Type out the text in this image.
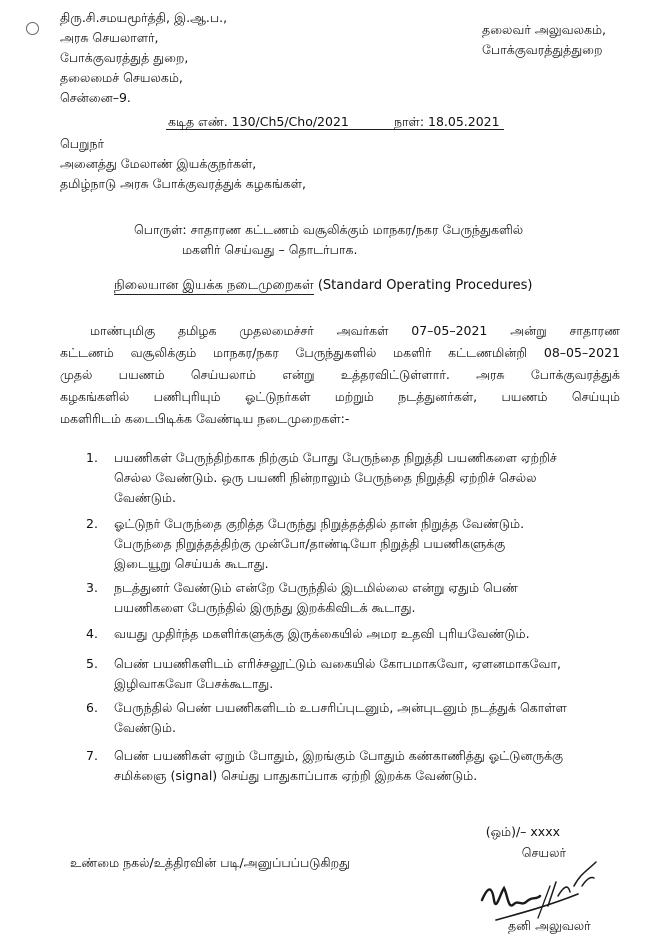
திரு.சி.சமயமூர்த்தி, இ.ஆ.ப.,
அரசு செயலாளர்,
போக்குவரத்துத் துறை,
தலைமைச் செயலகம்,
சென்னை–9.
தலைவர் அலுவலகம்,
போக்குவரத்துத்துறை
கடித எண். 130/Ch5/Cho/2021	நாள்: 18.05.2021
பெறுநர்
அனைத்து மேலாண் இயக்குநர்கள்,
தமிழ்நாடு அரசு போக்குவரத்துக் கழகங்கள்,
பொருள்: சாதாரண கட்டணம் வசூலிக்கும் மாநகர/நகர பேருந்துகளில்
மகளிர் செய்வது – தொடர்பாக.
நிலையான இயக்க நடைமுறைகள் (Standard Operating Procedures)
மாண்புமிகு தமிழக முதலமைச்சர் அவர்கள் 07–05–2021 அன்று சாதாரண
கட்டணம் வசூலிக்கும் மாநகர/நகர பேருந்துகளில் மகளிர் கட்டணமின்றி 08–05–2021
முதல் பயணம் செய்யலாம் என்று உத்தரவிட்டுள்ளார். அரசு போக்குவரத்துக்
கழகங்களில் பணிபுரியும் ஓட்டுநர்கள் மற்றும் நடத்துனர்கள், பயணம் செய்யும்
மகளிரிடம் கடைபிடிக்க வேண்டிய நடைமுறைகள்:-
1.	பயணிகள் பேருந்திற்காக நிற்கும் போது பேருந்தை நிறுத்தி பயணிகளை ஏற்றிச்
செல்ல வேண்டும். ஒரு பயணி நின்றாலும் பேருந்தை நிறுத்தி ஏற்றிச் செல்ல
வேண்டும்.
2.	ஓட்டுநர் பேருந்தை குறித்த பேருந்து நிறுத்தத்தில் தான் நிறுத்த வேண்டும்.
பேருந்தை நிறுத்தத்திற்கு முன்போ/தாண்டியோ நிறுத்தி பயணிகளுக்கு
இடையூறு செய்யக் கூடாது.
3.	நடத்துனர் வேண்டும் என்றே பேருந்தில் இடமில்லை என்று ஏதும் பெண்
பயணிகளை பேருந்தில் இருந்து இறக்கிவிடக் கூடாது.
4.	வயது முதிர்ந்த மகளிர்களுக்கு இருக்கையில் அமர உதவி புரியவேண்டும்.
5.	பெண் பயணிகளிடம் எரிச்சலூட்டும் வகையில் கோபமாகவோ, ஏளனமாகவோ,
இழிவாகவோ பேசக்கூடாது.
6.	பேருந்தில் பெண் பயணிகளிடம் உபசரிப்புடனும், அன்புடனும் நடத்துக் கொள்ள
வேண்டும்.
7.	பெண் பயணிகள் ஏறும் போதும், இறங்கும் போதும் கண்காணித்து ஓட்டுனருக்கு
சமிக்ஞை (signal) செய்து பாதுகாப்பாக ஏற்றி இறக்க வேண்டும்.
(ஒம்)/– xxxx
செயலர்
உண்மை நகல்/உத்திரவின் படி/அனுப்பப்படுகிறது
தனி அலுவலர்
